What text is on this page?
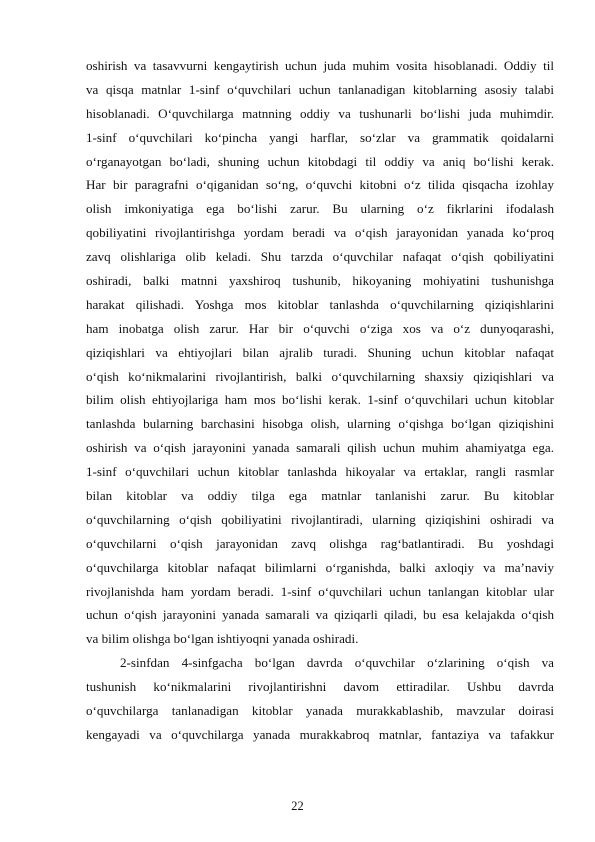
oshirish va tasavvurni kengaytirish uchun juda muhim vosita hisoblanadi. Oddiy til
va qisqa matnlar 1-sinf o‘quvchilari uchun tanlanadigan kitoblarning asosiy talabi
hisoblanadi. O‘quvchilarga matnning oddiy va tushunarli bo‘lishi juda muhimdir.
1-sinf o‘quvchilari ko‘pincha yangi harflar, so‘zlar va grammatik qoidalarni
o‘rganayotgan bo‘ladi, shuning uchun kitobdagi til oddiy va aniq bo‘lishi kerak.
Har bir paragrafni o‘qiganidan so‘ng, o‘quvchi kitobni o‘z tilida qisqacha izohlay
olish imkoniyatiga ega bo‘lishi zarur. Bu ularning o‘z fikrlarini ifodalash
qobiliyatini rivojlantirishga yordam beradi va o‘qish jarayonidan yanada ko‘proq
zavq olishlariga olib keladi. Shu tarzda o‘quvchilar nafaqat o‘qish qobiliyatini
oshiradi, balki matnni yaxshiroq tushunib, hikoyaning mohiyatini tushunishga
harakat qilishadi. Yoshga mos kitoblar tanlashda o‘quvchilarning qiziqishlarini
ham inobatga olish zarur. Har bir o‘quvchi o‘ziga xos va o‘z dunyoqarashi,
qiziqishlari va ehtiyojlari bilan ajralib turadi. Shuning uchun kitoblar nafaqat
o‘qish ko‘nikmalarini rivojlantirish, balki o‘quvchilarning shaxsiy qiziqishlari va
bilim olish ehtiyojlariga ham mos bo‘lishi kerak. 1-sinf o‘quvchilari uchun kitoblar
tanlashda bularning barchasini hisobga olish, ularning o‘qishga bo‘lgan qiziqishini
oshirish va o‘qish jarayonini yanada samarali qilish uchun muhim ahamiyatga ega.
1-sinf o‘quvchilari uchun kitoblar tanlashda hikoyalar va ertaklar, rangli rasmlar
bilan kitoblar va oddiy tilga ega matnlar tanlanishi zarur. Bu kitoblar
o‘quvchilarning o‘qish qobiliyatini rivojlantiradi, ularning qiziqishini oshiradi va
o‘quvchilarni o‘qish jarayonidan zavq olishga rag‘batlantiradi. Bu yoshdagi
o‘quvchilarga kitoblar nafaqat bilimlarni o‘rganishda, balki axloqiy va ma’naviy
rivojlanishda ham yordam beradi. 1-sinf o‘quvchilari uchun tanlangan kitoblar ular
uchun o‘qish jarayonini yanada samarali va qiziqarli qiladi, bu esa kelajakda o‘qish
va bilim olishga bo‘lgan ishtiyoqni yanada oshiradi.
2-sinfdan 4-sinfgacha bo‘lgan davrda o‘quvchilar o‘zlarining o‘qish va
tushunish ko‘nikmalarini rivojlantirishni davom ettiradilar. Ushbu davrda
o‘quvchilarga tanlanadigan kitoblar yanada murakkablashib, mavzular doirasi
kengayadi va o‘quvchilarga yanada murakkabroq matnlar, fantaziya va tafakkur
22
